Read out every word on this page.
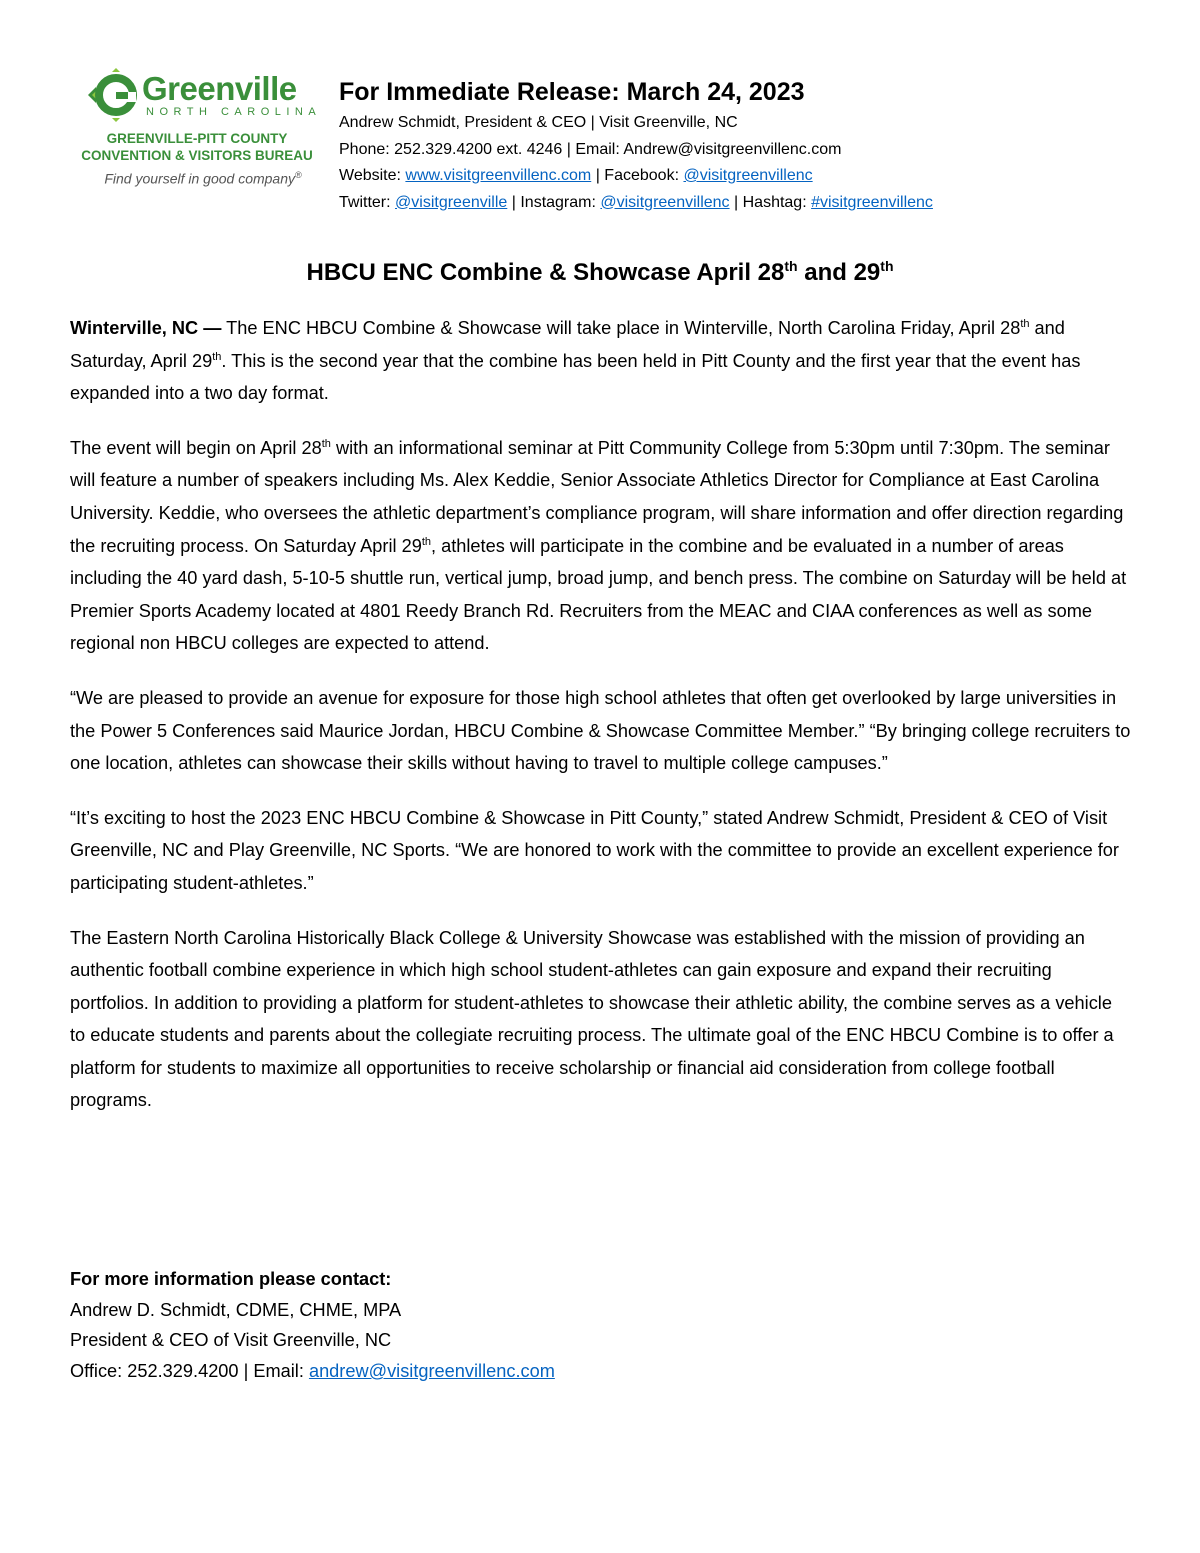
Greenville
NORTH CAROLINA
GREENVILLE-PITT COUNTY
CONVENTION & VISITORS BUREAU
Find yourself in good company®
For Immediate Release: March 24, 2023
Andrew Schmidt, President & CEO | Visit Greenville, NC
Phone: 252.329.4200 ext. 4246 | Email: Andrew@visitgreenvillenc.com
Website: www.visitgreenvillenc.com | Facebook: @visitgreenvillenc
Twitter: @visitgreenville | Instagram: @visitgreenvillenc | Hashtag: #visitgreenvillenc
HBCU ENC Combine & Showcase April 28th and 29th

Winterville, NC — The ENC HBCU Combine & Showcase will take place in Winterville, North Carolina Friday, April 28th and Saturday, April 29th. This is the second year that the combine has been held in Pitt County and the first year that the event has expanded into a two day format.

The event will begin on April 28th with an informational seminar at Pitt Community College from 5:30pm until 7:30pm. The seminar will feature a number of speakers including Ms. Alex Keddie, Senior Associate Athletics Director for Compliance at East Carolina University. Keddie, who oversees the athletic department’s compliance program, will share information and offer direction regarding the recruiting process. On Saturday April 29th, athletes will participate in the combine and be evaluated in a number of areas including the 40 yard dash, 5-10-5 shuttle run, vertical jump, broad jump, and bench press. The combine on Saturday will be held at Premier Sports Academy located at 4801 Reedy Branch Rd. Recruiters from the MEAC and CIAA conferences as well as some regional non HBCU colleges are expected to attend.

“We are pleased to provide an avenue for exposure for those high school athletes that often get overlooked by large universities in the Power 5 Conferences said Maurice Jordan, HBCU Combine & Showcase Committee Member.” “By bringing college recruiters to one location, athletes can showcase their skills without having to travel to multiple college campuses.”

“It’s exciting to host the 2023 ENC HBCU Combine & Showcase in Pitt County,” stated Andrew Schmidt, President & CEO of Visit Greenville, NC and Play Greenville, NC Sports. “We are honored to work with the committee to provide an excellent experience for participating student-athletes.”

The Eastern North Carolina Historically Black College & University Showcase was established with the mission of providing an authentic football combine experience in which high school student-athletes can gain exposure and expand their recruiting portfolios. In addition to providing a platform for student-athletes to showcase their athletic ability, the combine serves as a vehicle to educate students and parents about the collegiate recruiting process. The ultimate goal of the ENC HBCU Combine is to offer a platform for students to maximize all opportunities to receive scholarship or financial aid consideration from college football programs.

For more information please contact:
Andrew D. Schmidt, CDME, CHME, MPA
President & CEO of Visit Greenville, NC
Office: 252.329.4200 | Email: andrew@visitgreenvillenc.com
